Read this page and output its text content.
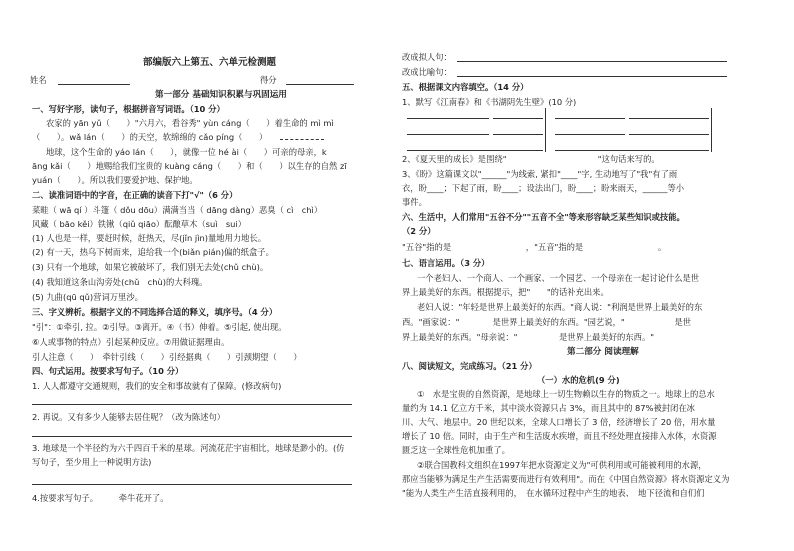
部编版六上第五、六单元检测题
姓名	得分
第一部分 基础知识积累与巩固运用
一、写好字形，读句子，根据拼音写词语。（10 分）
农家的 yān yǔ（　　）"六月六，看谷秀" yùn cáng（　　）着生命的 mì mì
（　　）。wǎ lán（　　）的天空，软绵绵的 cǎo píng（　　）
地球，这个生命的 yáo lán（　　），就像一位 hé ài（　　）可亲的母亲，k
āng kǎi（　　）地赐给我们宝贵的 kuàng cáng（　　）和（　　）以生存的自然 zī
yuán（　　）。所以我们要爱护地、保护地。
二、读准词语中的字音，在正确的读音下打"√"（6 分）
菜畦（ wā qí ）斗篷（ dǒu dōu）满满当当（ dāng dàng）恶臭（ cì　chì）
风藏（ bāo kěi）铁锹（qiǔ qiāo）酝酿草木（suì　sui）
(1) 人也是一样，要赶时候，赶热天，尽(jǐn jìn)量地用力地长。
(2) 有一天，热乌下树而来，追给我一个(biǎn pián)偏的纸盒子。
(3) 只有一个地球，如果它被破坏了，我们别无去处(chǔ chù)。
(4) 我知道这条山沟旁处(chǔ　chù)的大科瑰。
(5) 九曲(qū qǔ)营词万里沙。
三、字义辨析。根据字义的不同选择合适的释义，填序号。（4 分）
"引"：①牵引, 拉。②引导。③离开。④（书）伸着。⑤引起, 使出现。
⑥人或事物的特点）引起某种反应。⑦用做证据理由。
引人注意（　　）　牵针引线（　　）引经据典（　　）引颈期望（　　）
四、句式运用。按要求写句子。（10 分）
1. 人人都遵守交通规则，我们的安全和事故就有了保障。(修改病句)
2. 再说。又有多少人能够去居住呢？（改为陈述句）
3. 地球是一个半径约为六千四百千米的星球。河流花茫宇宙相比，地球是渺小的。(仿
写句子，至少用上一种说明方法)
4.按要求写句子。　　　牵牛花开了。
改成拟人句：
改成比喻句：
五、根据课文内容填空。（14 分）
1、默写《江南春》和《书湖阴先生壁》(10 分)
2、《夏天里的成长》是围绕"　　　　　　　　　　　"这句话来写的。
3、《盼》这篇课文以"______"为线索, 紧扣"____"字, 生动地写了"我"有了雨
衣，盼____；下起了雨，盼____；设法出门，盼____；盼来雨天，______等小
事件。
六、生活中，人们常用"五谷不分""五音不全"等来形容缺乏某些知识或技能。
（2 分）
"五谷"指的是　　　　　　　　　，"五音"指的是　　　　　　　　　。
七、语言运用。（3 分）
一个老妇人、一个商人、一个画家、一个园艺、一个母亲在一起讨论什么是世
界上最美好的东西。根据提示，把"　　"的话补充出来。
老妇人说："年轻是世界上最美好的东西。"商人说："利润是世界上最美好的东
西。"画家说："　　　　是世界上最美好的东西。"园艺说，"　　　　　　是世
界上最美好的东西。"母亲说："　　　　　是世界上最美好的东西。"
第二部分 阅读理解
八、阅读短文，完成练习。（21 分）
（一）水的危机(9 分)
①　水是宝贵的自然资源，是地球上一切生物赖以生存的物质之一。地球上的总水
量约为 14.1 亿立方千米，其中淡水资源只占 3%，而且其中的 87%被封闭在冰
川、大气、地层中。20 世纪以来，全球人口增长了 3 倍，经济增长了 20 倍，用水量
增长了 10 倍。同时，由于生产和生活废水疾增，而且不经处理直接排入水体，水资源
匮乏这一全球性危机加重了。
②联合国教科文组织在1997年把水资源定义为"可供利用或可能被利用的水源，
那应当能够为满足生产生活需要而进行有效利用"。而在《中国自然资源》将水资源定义为
"能为人类生产生活直接利用的，　在水循环过程中产生的地表、　地下径流和自们们
